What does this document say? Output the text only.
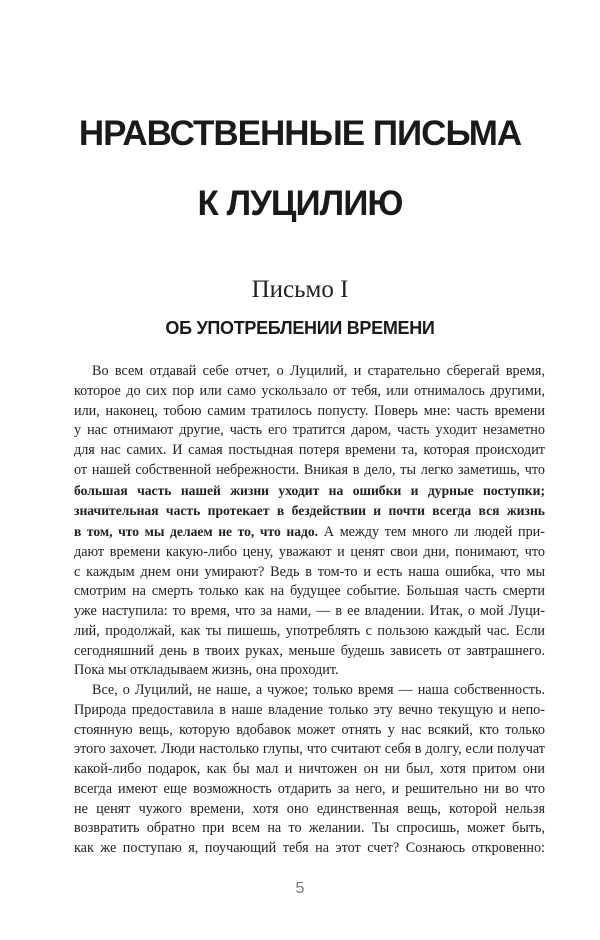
НРАВСТВЕННЫЕ ПИСЬМА
К ЛУЦИЛИЮ
Письмо I
ОБ УПОТРЕБЛЕНИИ ВРЕМЕНИ
Во всем отдавай себе отчет, о Луцилий, и старательно сберегай время,
которое до сих пор или само ускользало от тебя, или отнималось другими,
или, наконец, тобою самим тратилось попусту. Поверь мне: часть времени
у нас отнимают другие, часть его тратится даром, часть уходит незаметно
для нас самих. И самая постыдная потеря времени та, которая происходит
от нашей собственной небрежности. Вникая в дело, ты легко заметишь, что
большая часть нашей жизни уходит на ошибки и дурные поступки;
значительная часть протекает в бездействии и почти всегда вся жизнь
в том, что мы делаем не то, что надо. А между тем много ли людей при-
дают времени какую-либо цену, уважают и ценят свои дни, понимают, что
с каждым днем они умирают? Ведь в том-то и есть наша ошибка, что мы
смотрим на смерть только как на будущее событие. Большая часть смерти
уже наступила: то время, что за нами, — в ее владении. Итак, о мой Луци-
лий, продолжай, как ты пишешь, употреблять с пользою каждый час. Если
сегодняшний день в твоих руках, меньше будешь зависеть от завтрашнего.
Пока мы откладываем жизнь, она проходит.
Все, о Луцилий, не наше, а чужое; только время — наша собственность.
Природа предоставила в наше владение только эту вечно текущую и непо-
стоянную вещь, которую вдобавок может отнять у нас всякий, кто только
этого захочет. Люди настолько глупы, что считают себя в долгу, если получат
какой-либо подарок, как бы мал и ничтожен он ни был, хотя притом они
всегда имеют еще возможность отдарить за него, и решительно ни во что
не ценят чужого времени, хотя оно единственная вещь, которой нельзя
возвратить обратно при всем на то желании. Ты спросишь, может быть,
как же поступаю я, поучающий тебя на этот счет? Сознаюсь откровенно:
5
